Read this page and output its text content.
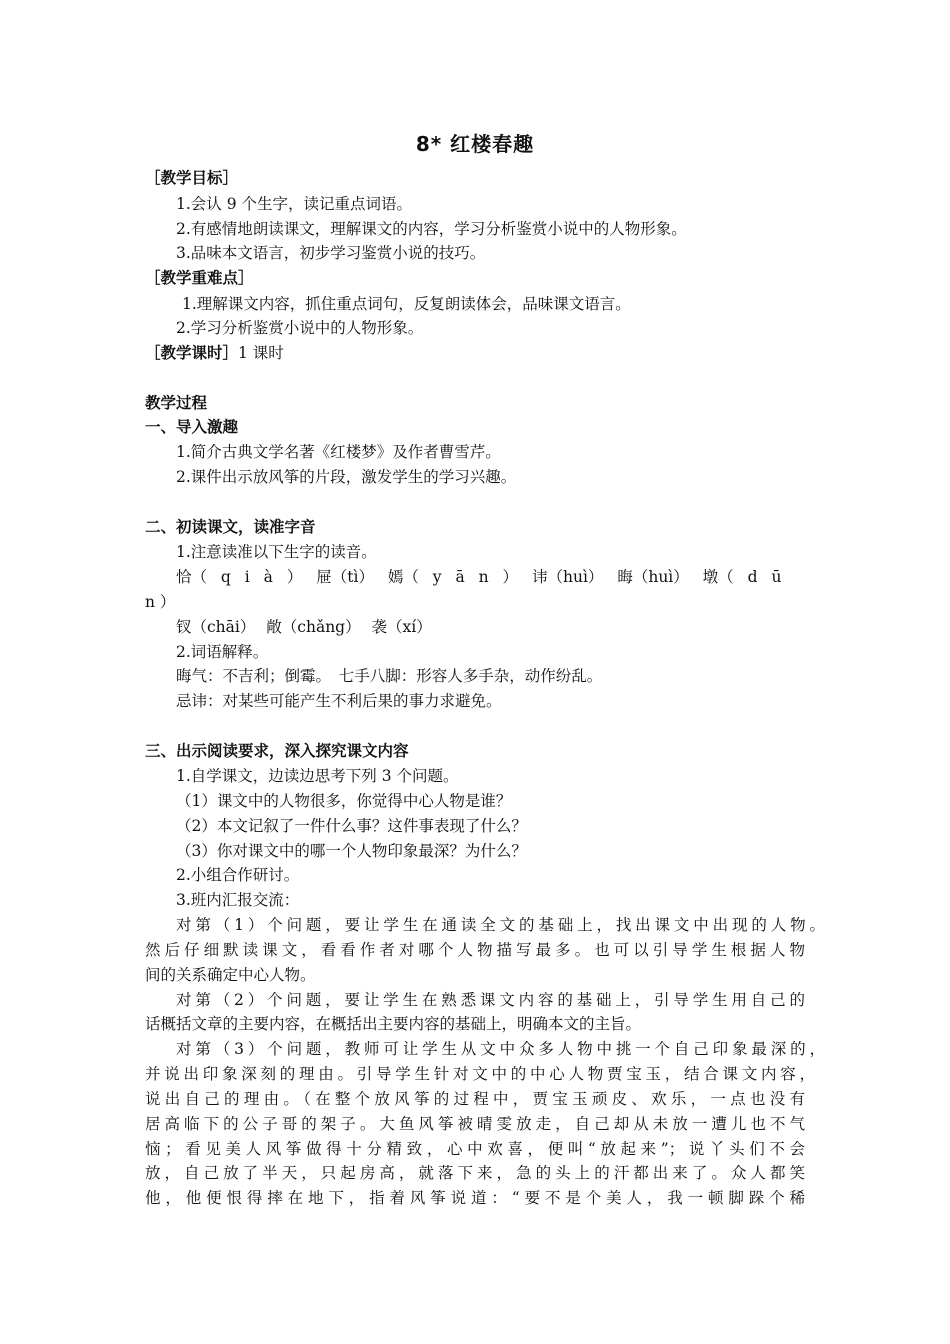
8* 红楼春趣
［教学目标］
1.会认 9 个生字，读记重点词语。
2.有感情地朗读课文，理解课文的内容，学习分析鉴赏小说中的人物形象。
3.品味本文语言，初步学习鉴赏小说的技巧。
［教学重难点］
1.理解课文内容，抓住重点词句，反复朗读体会，品味课文语言。
2.学习分析鉴赏小说中的人物形象。
［教学课时］1 课时
教学过程
一、导入激趣
1.简介古典文学名著《红楼梦》及作者曹雪芹。
2.课件出示放风筝的片段，激发学生的学习兴趣。
二、初读课文，读准字音
1.注意读准以下生字的读音。
恰（ q i à ） 屉（tì） 嫣（ y ā n ） 讳（huì） 晦（huì） 墩（ d ū
n ）
钗（chāi） 敞（chǎng） 袭（xí）
2.词语解释。
晦气：不吉利；倒霉。　七手八脚：形容人多手杂，动作纷乱。
忌讳：对某些可能产生不利后果的事力求避免。
三、出示阅读要求，深入探究课文内容
1.自学课文，边读边思考下列 3 个问题。
（1）课文中的人物很多，你觉得中心人物是谁？
（2）本文记叙了一件什么事？这件事表现了什么？
（3）你对课文中的哪一个人物印象最深？为什么？
2.小组合作研讨。
3.班内汇报交流：
对第（1）个问题，要让学生在通读全文的基础上，找出课文中出现的人物。
然后仔细默读课文，看看作者对哪个人物描写最多。也可以引导学生根据人物
间的关系确定中心人物。
对第（2）个问题，要让学生在熟悉课文内容的基础上，引导学生用自己的
话概括文章的主要内容，在概括出主要内容的基础上，明确本文的主旨。
对第（3）个问题，教师可让学生从文中众多人物中挑一个自己印象最深的，
并说出印象深刻的理由。引导学生针对文中的中心人物贾宝玉，结合课文内容，
说出自己的理由。（在整个放风筝的过程中，贾宝玉顽皮、欢乐，一点也没有
居高临下的公子哥的架子。大鱼风筝被晴雯放走，自己却从未放一遭儿也不气
恼；看见美人风筝做得十分精致，心中欢喜，便叫“放起来”；说丫头们不会
放，自己放了半天，只起房高，就落下来，急的头上的汗都出来了。众人都笑
他，他便恨得摔在地下，指着风筝说道：“要不是个美人，我一顿脚跺个稀
